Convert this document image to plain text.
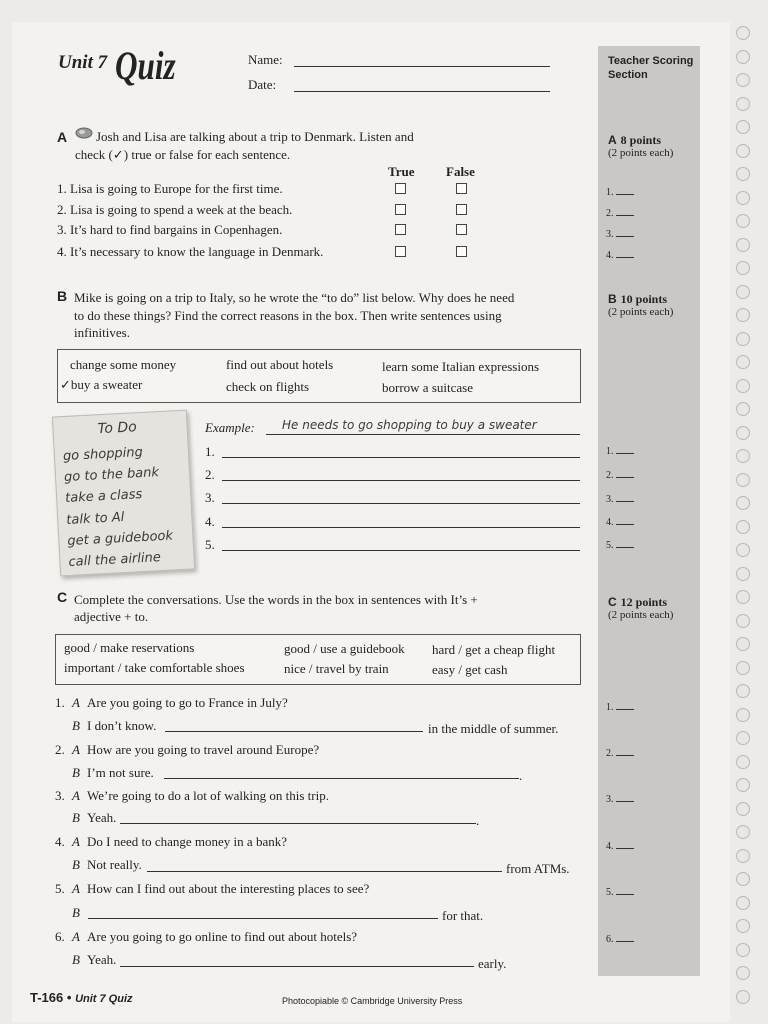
Unit 7 Quiz	Name:
Date:
Teacher Scoring
Section
A 8 points
(2 points each)
B 10 points
(2 points each)
C 12 points
(2 points each)
1.
2.
3.
4.
1.
2.
3.
4.
5.
1.
2.
3.
4.
5.
6.
A Josh and Lisa are talking about a trip to Denmark. Listen and
check (✓) true or false for each sentence.
True False
1. Lisa is going to Europe for the first time.
2. Lisa is going to spend a week at the beach.
3. It’s hard to find bargains in Copenhagen.
4. It’s necessary to know the language in Denmark.
B Mike is going on a trip to Italy, so he wrote the “to do” list below. Why does he need
to do these things? Find the correct reasons in the box. Then write sentences using
infinitives.
change some money	find out about hotels	learn some Italian expressions
✓buy a sweater	check on flights	borrow a suitcase
To Do
go shopping
go to the bank
take a class
talk to Al
get a guidebook
call the airline
Example: He needs to go shopping to buy a sweater
1.
2.
3.
4.
5.
C Complete the conversations. Use the words in the box in sentences with It’s +
adjective + to.
good / make reservations	good / use a guidebook hard / get a cheap flight
important / take comfortable shoes	nice / travel by train	easy / get cash
1. A Are you going to go to France in July?
B I don’t know.	in the middle of summer.
2. A How are you going to travel around Europe?
B I’m not sure.	.
3. A We’re going to do a lot of walking on this trip.
B Yeah.	.
4. A Do I need to change money in a bank?
B Not really.	from ATMs.
5. A How can I find out about the interesting places to see?
B	for that.
6. A Are you going to go online to find out about hotels?
B Yeah.	early.
T-166 • Unit 7 Quiz	Photocopiable © Cambridge University Press
